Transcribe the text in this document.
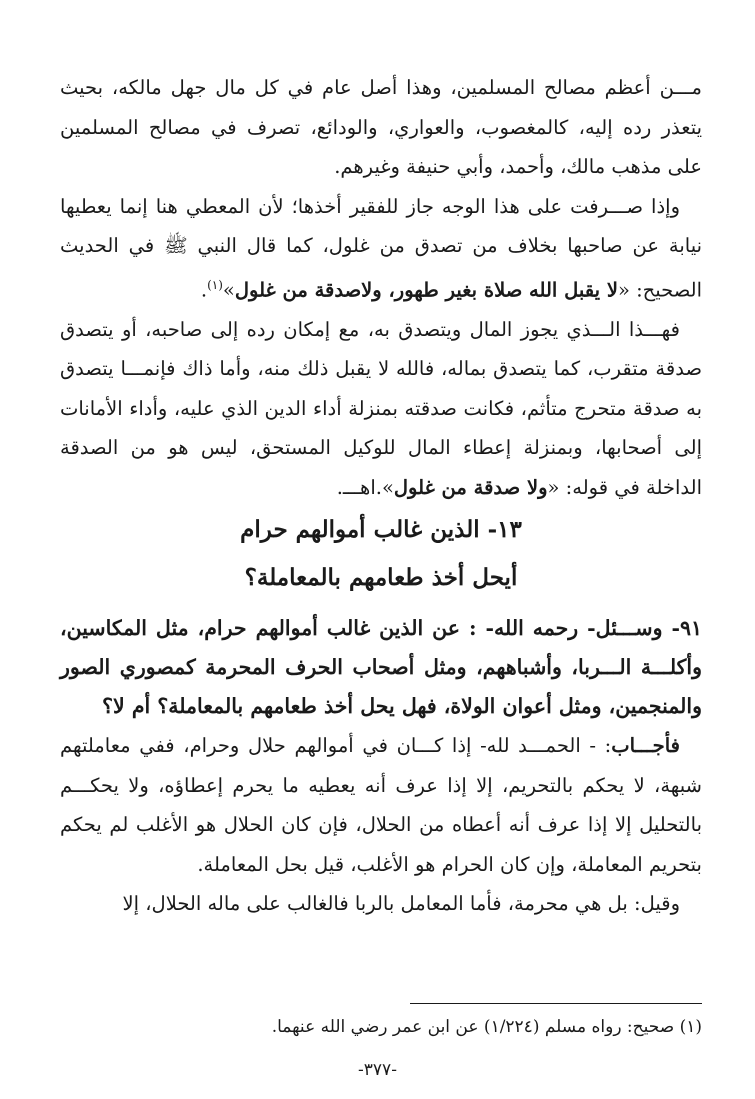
مـــن أعظم مصالح المسلمين، وهذا أصل عام في كل مال جهل مالكه، بحيث يتعذر رده إليه، كالمغصوب، والعواري، والودائع، تصرف في مصالح المسلمين على مذهب مالك، وأحمد، وأبي حنيفة وغيرهم.

وإذا صـــرفت على هذا الوجه جاز للفقير أخذها؛ لأن المعطي هنا إنما يعطيها نيابة عن صاحبها بخلاف من تصدق من غلول، كما قال النبي ﷺ في الحديث الصحيح: «لا يقبل الله صلاة بغير طهور، ولاصدقة من غلول»$^{(١)}$.

فهـــذا الـــذي يجوز المال ويتصدق به، مع إمكان رده إلى صاحبه، أو يتصدق صدقة متقرب، كما يتصدق بماله، فالله لا يقبل ذلك منه، وأما ذاك فإنمـــا يتصدق به صدقة متحرج متأثم، فكانت صدقته بمنزلة أداء الدين الذي عليه، وأداء الأمانات إلى أصحابها، وبمنزلة إعطاء المال للوكيل المستحق، ليس هو من الصدقة الداخلة في قوله: «ولا صدقة من غلول».اهـــ.

١٣- الذين غالب أموالهم حرام
أيحل أخذ طعامهم بالمعاملة؟

٩١- وســـئل- رحمه الله- : عن الذين غالب أموالهم حرام، مثل المكاسين، وأكلـــة الـــربا، وأشباههم، ومثل أصحاب الحرف المحرمة كمصوري الصور والمنجمين، ومثل أعوان الولاة، فهل يحل أخذ طعامهم بالمعاملة؟ أم لا؟

فأجـــاب: - الحمـــد لله- إذا كـــان في أموالهم حلال وحرام، ففي معاملتهم شبهة، لا يحكم بالتحريم، إلا إذا عرف أنه يعطيه ما يحرم إعطاؤه، ولا يحكـــم بالتحليل إلا إذا عرف أنه أعطاه من الحلال، فإن كان الحلال هو الأغلب لم يحكم بتحريم المعاملة، وإن كان الحرام هو الأغلب، قيل بحل المعاملة.

وقيل: بل هي محرمة، فأما المعامل بالربا فالغالب على ماله الحلال، إلا

(١) صحيح: رواه مسلم (١/٢٢٤) عن ابن عمر رضي الله عنهما.
-٣٧٧-
